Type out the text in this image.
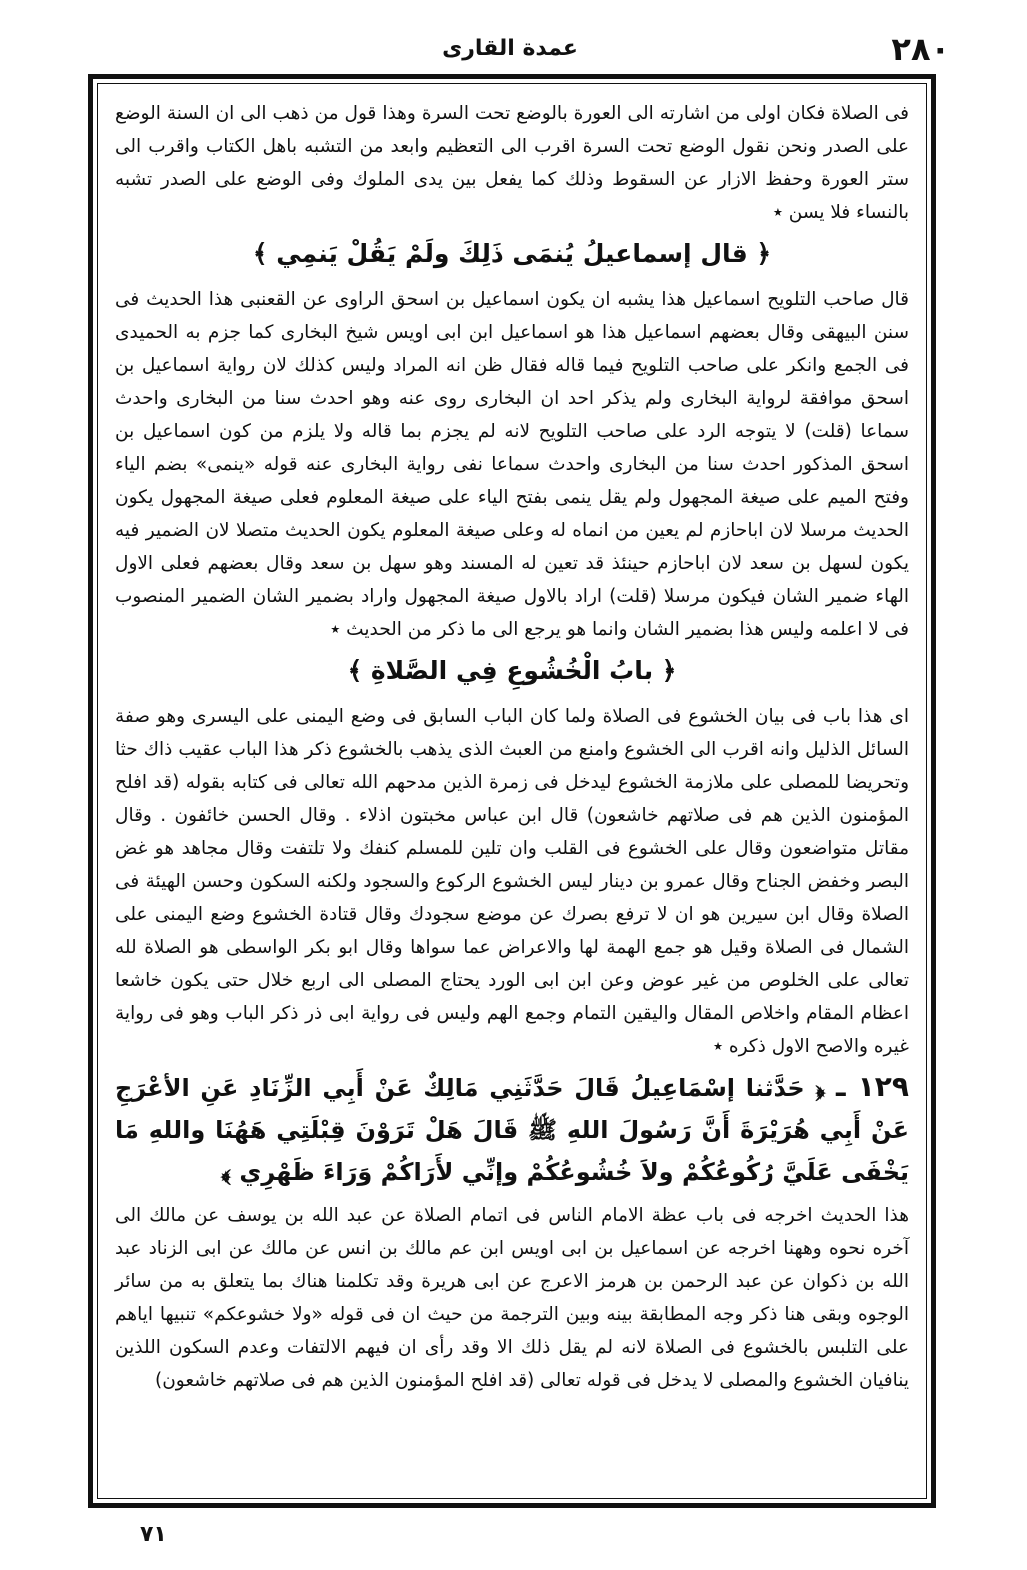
عمدة القارى	٢٨٠

فى الصلاة فكان اولى من اشارته الى العورة بالوضع تحت السرة وهذا قول من ذهب الى ان السنة الوضع على الصدر ونحن نقول الوضع تحت السرة اقرب الى التعظيم وابعد من التشبه باهل الكتاب واقرب الى ستر العورة وحفظ الازار عن السقوط وذلك كما يفعل بين يدى الملوك وفى الوضع على الصدر تشبه بالنساء فلا يسن ٭

﴿ قال إسماعيلُ يُنمَى ذَلِكَ ولَمْ يَقُلْ يَنمِي ﴾

قال صاحب التلويح اسماعيل هذا يشبه ان يكون اسماعيل بن اسحق الراوى عن القعنبى هذا الحديث فى سنن البيهقى وقال بعضهم اسماعيل هذا هو اسماعيل ابن ابى اويس شيخ البخارى كما جزم به الحميدى فى الجمع وانكر على صاحب التلويح فيما قاله فقال ظن انه المراد وليس كذلك لان رواية اسماعيل بن اسحق موافقة لرواية البخارى ولم يذكر احد ان البخارى روى عنه وهو احدث سنا من البخارى واحدث سماعا (قلت) لا يتوجه الرد على صاحب التلويح لانه لم يجزم بما قاله ولا يلزم من كون اسماعيل بن اسحق المذكور احدث سنا من البخارى واحدث سماعا نفى رواية البخارى عنه قوله «ينمى» بضم الياء وفتح الميم على صيغة المجهول ولم يقل ينمى بفتح الياء على صيغة المعلوم فعلى صيغة المجهول يكون الحديث مرسلا لان اباحازم لم يعين من انماه له وعلى صيغة المعلوم يكون الحديث متصلا لان الضمير فيه يكون لسهل بن سعد لان اباحازم حينئذ قد تعين له المسند وهو سهل بن سعد وقال بعضهم فعلى الاول الهاء ضمير الشان فيكون مرسلا (قلت) اراد بالاول صيغة المجهول واراد بضمير الشان الضمير المنصوب فى لا اعلمه وليس هذا بضمير الشان وانما هو يرجع الى ما ذكر من الحديث ٭

﴿ بابُ الْخُشُوعِ فِي الصَّلاةِ ﴾

اى هذا باب فى بيان الخشوع فى الصلاة ولما كان الباب السابق فى وضع اليمنى على اليسرى وهو صفة السائل الذليل وانه اقرب الى الخشوع وامنع من العبث الذى يذهب بالخشوع ذكر هذا الباب عقيب ذاك حثا وتحريضا للمصلى على ملازمة الخشوع ليدخل فى زمرة الذين مدحهم الله تعالى فى كتابه بقوله (قد افلح المؤمنون الذين هم فى صلاتهم خاشعون) قال ابن عباس مخبتون اذلاء . وقال الحسن خائفون . وقال مقاتل متواضعون وقال على الخشوع فى القلب وان تلين للمسلم كنفك ولا تلتفت وقال مجاهد هو غض البصر وخفض الجناح وقال عمرو بن دينار ليس الخشوع الركوع والسجود ولكنه السكون وحسن الهيئة فى الصلاة وقال ابن سيرين هو ان لا ترفع بصرك عن موضع سجودك وقال قتادة الخشوع وضع اليمنى على الشمال فى الصلاة وقيل هو جمع الهمة لها والاعراض عما سواها وقال ابو بكر الواسطى هو الصلاة لله تعالى على الخلوص من غير عوض وعن ابن ابى الورد يحتاج المصلى الى اربع خلال حتى يكون خاشعا اعظام المقام واخلاص المقال واليقين التمام وجمع الهم وليس فى رواية ابى ذر ذكر الباب وهو فى رواية غيره والاصح الاول ذكره ٭

١٢٩ ـ ﴿ حَدَّثنا إسْمَاعِيلُ قَالَ حَدَّثَنِي مَالِكٌ عَنْ أَبِي الزِّنَادِ عَنِ الأعْرَجِ عَنْ أَبِي هُرَيْرَةَ أَنَّ رَسُولَ اللهِ ﷺ قَالَ هَلْ تَرَوْنَ قِبْلَتِي هَهُنَا واللهِ مَا يَخْفَى عَلَيَّ رُكُوعُكُمْ ولاَ خُشُوعُكُمْ وإنِّي لأَرَاكُمْ وَرَاءَ ظَهْرِي ﴾

هذا الحديث اخرجه فى باب عظة الامام الناس فى اتمام الصلاة عن عبد الله بن يوسف عن مالك الى آخره نحوه وههنا اخرجه عن اسماعيل بن ابى اويس ابن عم مالك بن انس عن مالك عن ابى الزناد عبد الله بن ذكوان عن عبد الرحمن بن هرمز الاعرج عن ابى هريرة وقد تكلمنا هناك بما يتعلق به من سائر الوجوه وبقى هنا ذكر وجه المطابقة بينه وبين الترجمة من حيث ان فى قوله «ولا خشوعكم» تنبيها اياهم على التلبس بالخشوع فى الصلاة لانه لم يقل ذلك الا وقد رأى ان فيهم الالتفات وعدم السكون اللذين ينافيان الخشوع والمصلى لا يدخل فى قوله تعالى (قد افلح المؤمنون الذين هم فى صلاتهم خاشعون)

٧١
